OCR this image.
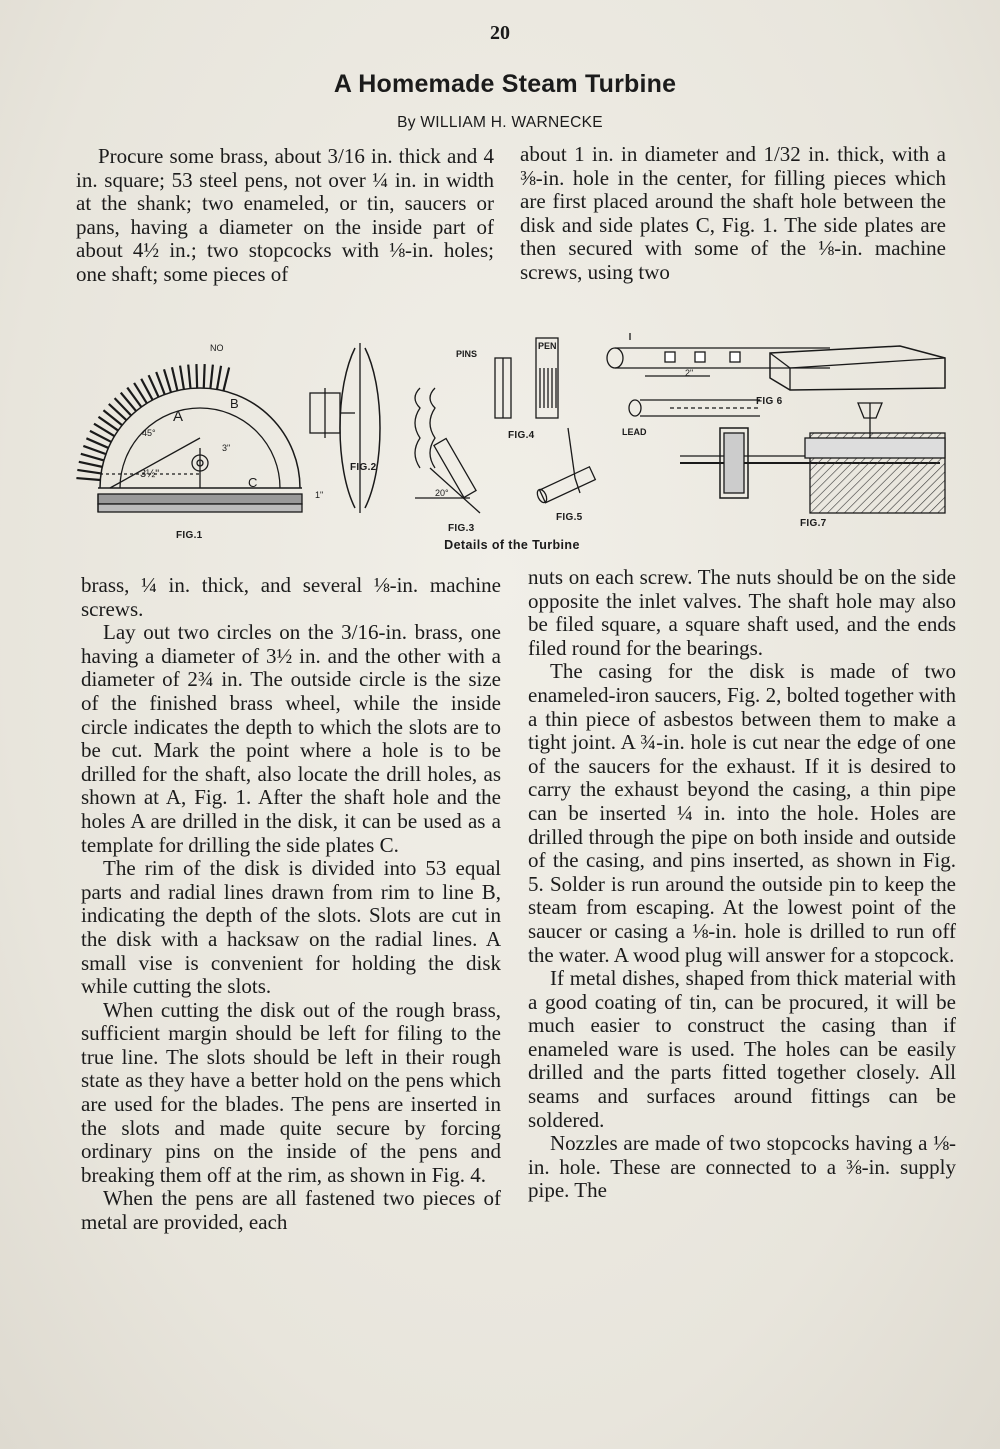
20
A Homemade Steam Turbine
By WILLIAM H. WARNECKE

Procure some brass, about 3/16 in. thick and 4 in. square; 53 steel pens, not over ¼ in. in width at the shank; two enameled, or tin, saucers or pans, having a diameter on the inside part of about 4½ in.; two stopcocks with ⅛-in. holes; one shaft; some pieces of

about 1 in. in diameter and 1/32 in. thick, with a ⅜-in. hole in the center, for filling pieces which are first placed around the shaft hole between the disk and side plates C, Fig. 1. The side plates are then secured with some of the ⅛-in. machine screws, using two

FIG.1
FIG.2
FIG.3
FIG.4
FIG.5
FIG 6
FIG.7
PINS
PEN
LEAD
A
B
C
NO
3"
3½"
1"	20°
45°
2"
Details of the Turbine

brass, ¼ in. thick, and several ⅛-in. machine screws.

Lay out two circles on the 3/16-in. brass, one having a diameter of 3½ in. and the other with a diameter of 2¾ in. The outside circle is the size of the finished brass wheel, while the inside circle indicates the depth to which the slots are to be cut. Mark the point where a hole is to be drilled for the shaft, also locate the drill holes, as shown at A, Fig. 1. After the shaft hole and the holes A are drilled in the disk, it can be used as a template for drilling the side plates C.

The rim of the disk is divided into 53 equal parts and radial lines drawn from rim to line B, indicating the depth of the slots. Slots are cut in the disk with a hacksaw on the radial lines. A small vise is convenient for holding the disk while cutting the slots.

When cutting the disk out of the rough brass, sufficient margin should be left for filing to the true line. The slots should be left in their rough state as they have a better hold on the pens which are used for the blades. The pens are inserted in the slots and made quite secure by forcing ordinary pins on the inside of the pens and breaking them off at the rim, as shown in Fig. 4.

When the pens are all fastened two pieces of metal are provided, each

nuts on each screw. The nuts should be on the side opposite the inlet valves. The shaft hole may also be filed square, a square shaft used, and the ends filed round for the bearings.

The casing for the disk is made of two enameled-iron saucers, Fig. 2, bolted together with a thin piece of asbestos between them to make a tight joint. A ¾-in. hole is cut near the edge of one of the saucers for the exhaust. If it is desired to carry the exhaust beyond the casing, a thin pipe can be inserted ¼ in. into the hole. Holes are drilled through the pipe on both inside and outside of the casing, and pins inserted, as shown in Fig. 5. Solder is run around the outside pin to keep the steam from escaping. At the lowest point of the saucer or casing a ⅛-in. hole is drilled to run off the water. A wood plug will answer for a stopcock.

If metal dishes, shaped from thick material with a good coating of tin, can be procured, it will be much easier to construct the casing than if enameled ware is used. The holes can be easily drilled and the parts fitted together closely. All seams and surfaces around fittings can be soldered.

Nozzles are made of two stopcocks having a ⅛-in. hole. These are connected to a ⅜-in. supply pipe. The
